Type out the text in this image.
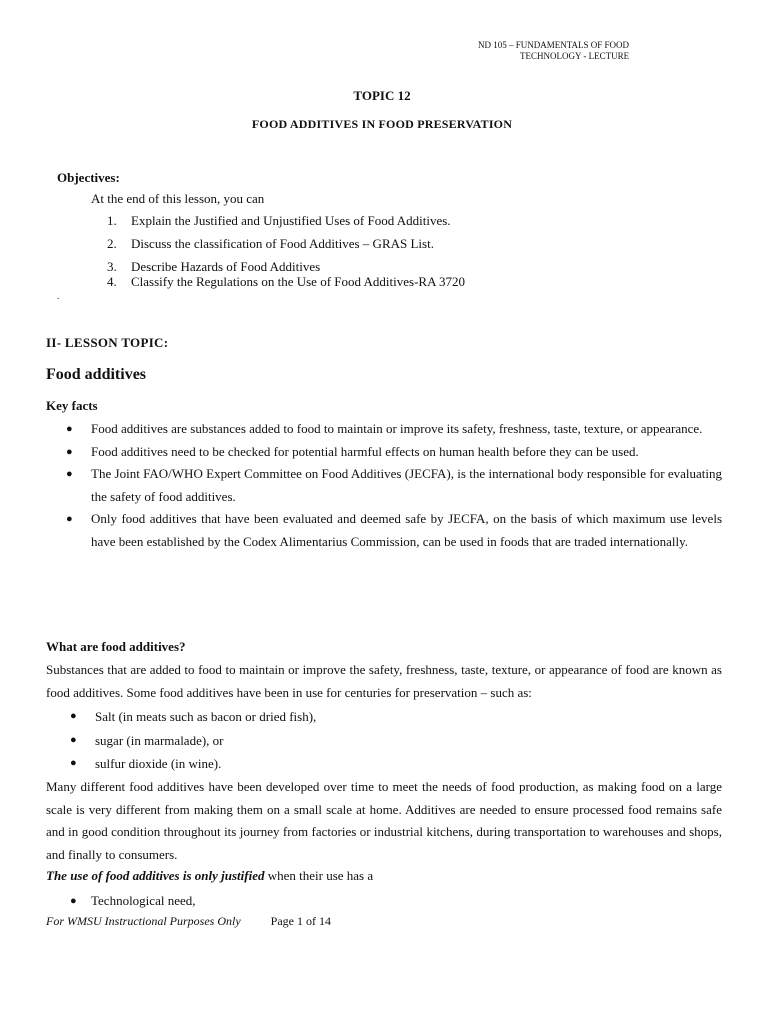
ND 105 – FUNDAMENTALS OF FOOD
TECHNOLOGY - LECTURE
TOPIC 12
FOOD ADDITIVES IN FOOD PRESERVATION
Objectives:
At the end of this lesson, you can
1. Explain the Justified and Unjustified Uses of Food Additives.
2. Discuss the classification of Food Additives – GRAS List.
3. Describe Hazards of Food Additives
4. Classify the Regulations on the Use of Food Additives-RA 3720
.
II- LESSON TOPIC:
Food additives
Key facts
● Food additives are substances added to food to maintain or improve its safety, freshness, taste, texture, or appearance.
● Food additives need to be checked for potential harmful effects on human health before they can be used.
● The Joint FAO/WHO Expert Committee on Food Additives (JECFA), is the international body responsible for evaluating the safety of food additives.
● Only food additives that have been evaluated and deemed safe by JECFA, on the basis of which maximum use levels have been established by the Codex Alimentarius Commission, can be used in foods that are traded internationally.
What are food additives?
Substances that are added to food to maintain or improve the safety, freshness, taste, texture, or appearance of food are known as food additives. Some food additives have been in use for centuries for preservation – such as:
● Salt (in meats such as bacon or dried fish),
● sugar (in marmalade), or
● sulfur dioxide (in wine).
Many different food additives have been developed over time to meet the needs of food production, as making food on a large scale is very different from making them on a small scale at home. Additives are needed to ensure processed food remains safe and in good condition throughout its journey from factories or industrial kitchens, during transportation to warehouses and shops, and finally to consumers.
The use of food additives is only justified when their use has a
● Technological need,
For WMSU Instructional Purposes Only	Page 1 of 14
